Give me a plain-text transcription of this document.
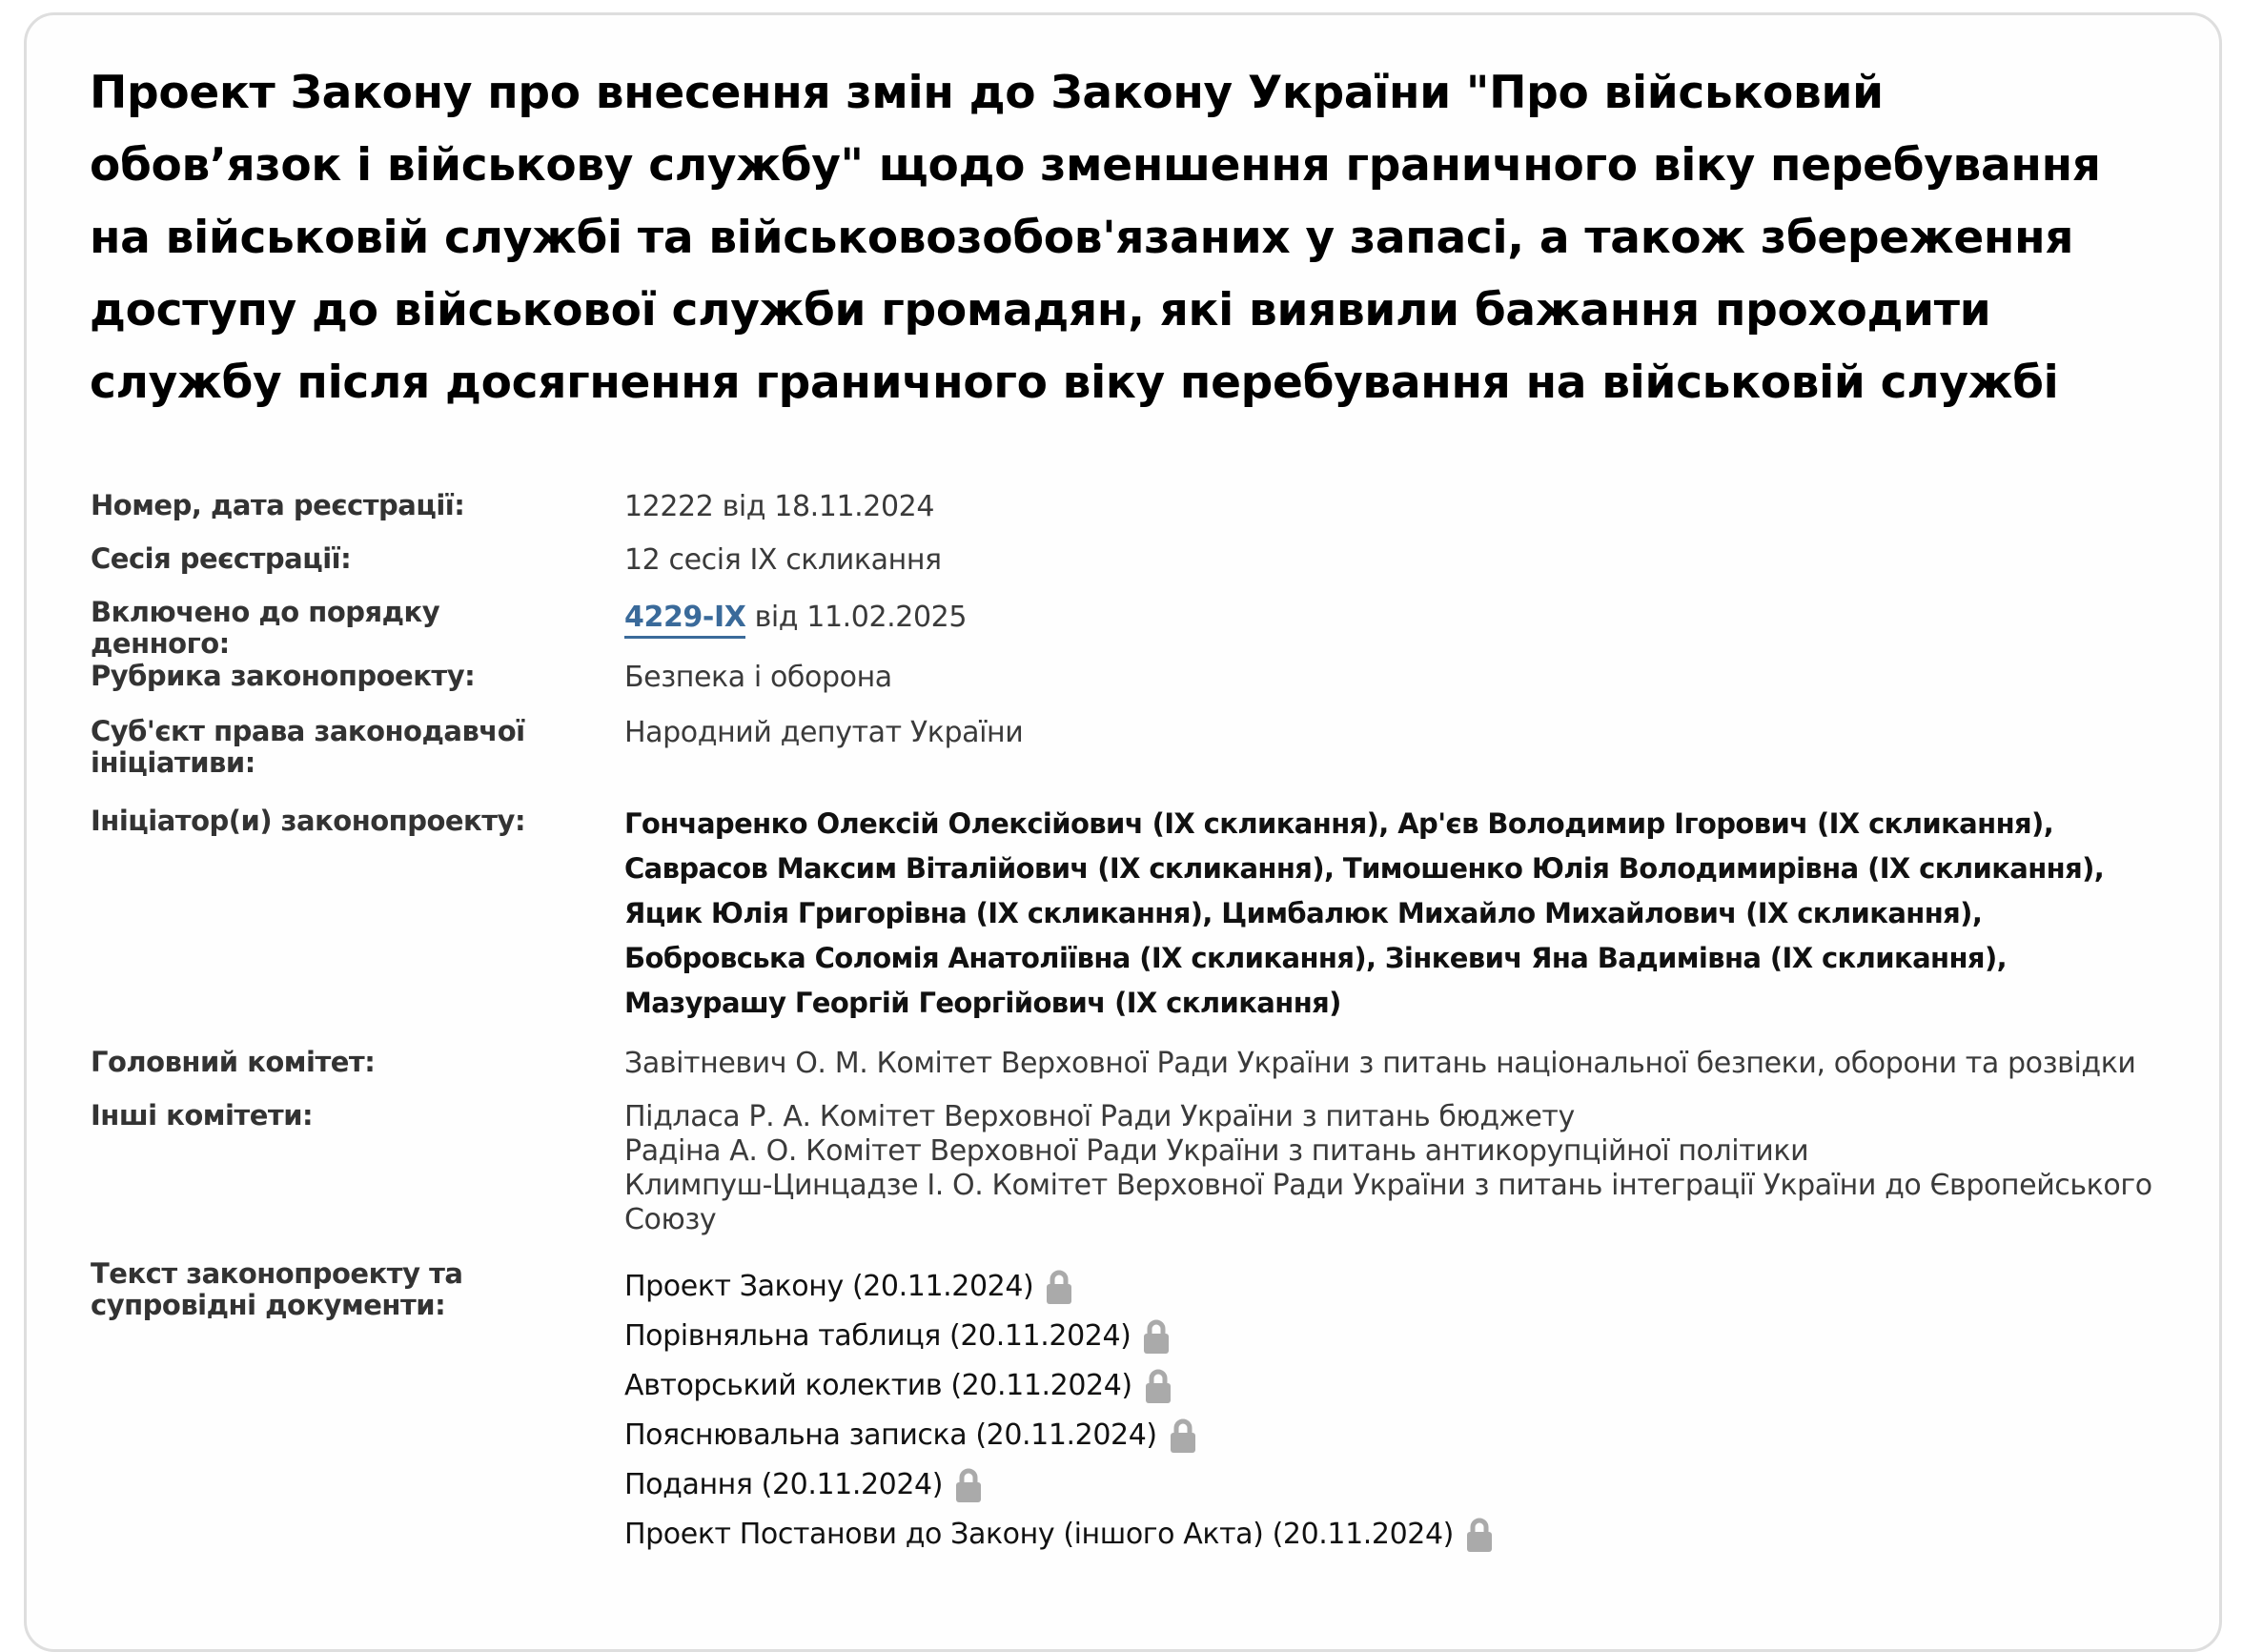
Проект Закону про внесення змін до Закону України "Про військовий обов’язок і військову службу" щодо зменшення граничного віку перебування на військовій службі та військовозобов'язаних у запасі, а також збереження доступу до військової служби громадян, які виявили бажання проходити службу після досягнення граничного віку перебування на військовій службі
Номер, дата реєстрації:	12222 від 18.11.2024
Сесія реєстрації:	12 сесія IX скликання
Включено до порядку денного:
4229-IX від 11.02.2025
Рубрика законопроекту:	Безпека і оборона
Суб'єкт права законодавчої ініціативи:
Народний депутат України
Ініціатор(и) законопроекту:	Гончаренко Олексій Олексійович (IX скликання), Ар'єв Володимир Ігорович (IX скликання), Саврасов Максим Віталійович (IX скликання), Тимошенко Юлія Володимирівна (IX скликання), Яцик Юлія Григорівна (IX скликання), Цимбалюк Михайло Михайлович (IX скликання), Бобровська Соломія Анатоліївна (IX скликання), Зінкевич Яна Вадимівна (IX скликання), Мазурашу Георгій Георгійович (IX скликання)
Головний комітет:	Завітневич О. М. Комітет Верховної Ради України з питань національної безпеки, оборони та розвідки
Інші комітети:	Підласа Р. А. Комітет Верховної Ради України з питань бюджету
Радіна А. О. Комітет Верховної Ради України з питань антикорупційної політики
Климпуш-Цинцадзе І. О. Комітет Верховної Ради України з питань інтеграції України до Європейського Союзу
Текст законопроекту та супровідні документи:
Проект Закону (20.11.2024)
Порівняльна таблиця (20.11.2024)
Авторський колектив (20.11.2024)
Пояснювальна записка (20.11.2024)
Подання (20.11.2024)
Проект Постанови до Закону (іншого Акта) (20.11.2024)
